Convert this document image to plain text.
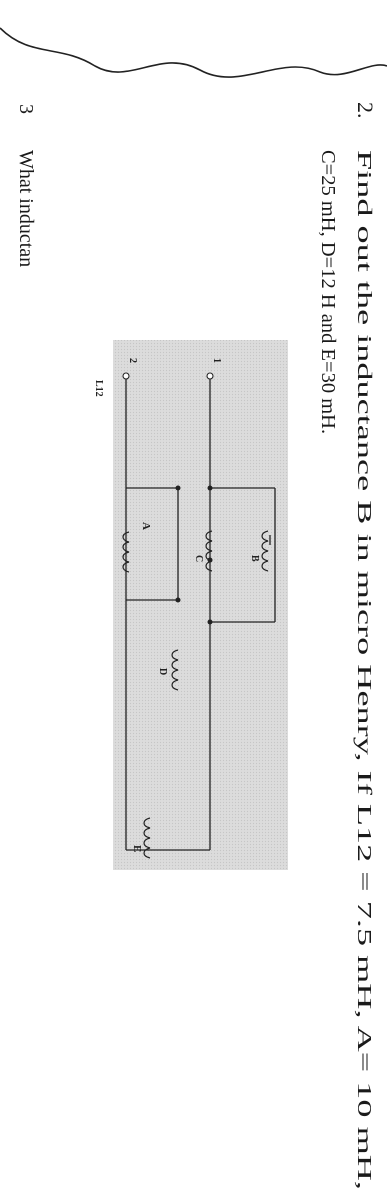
2.
Find out the inductance B in micro Henry, If L12 = 7.5 mH, A= 10 mH,
C=25 mH, D=12 H and E=30 mH.
3
What inductan
B
C
D
E
A
L12
1
2
